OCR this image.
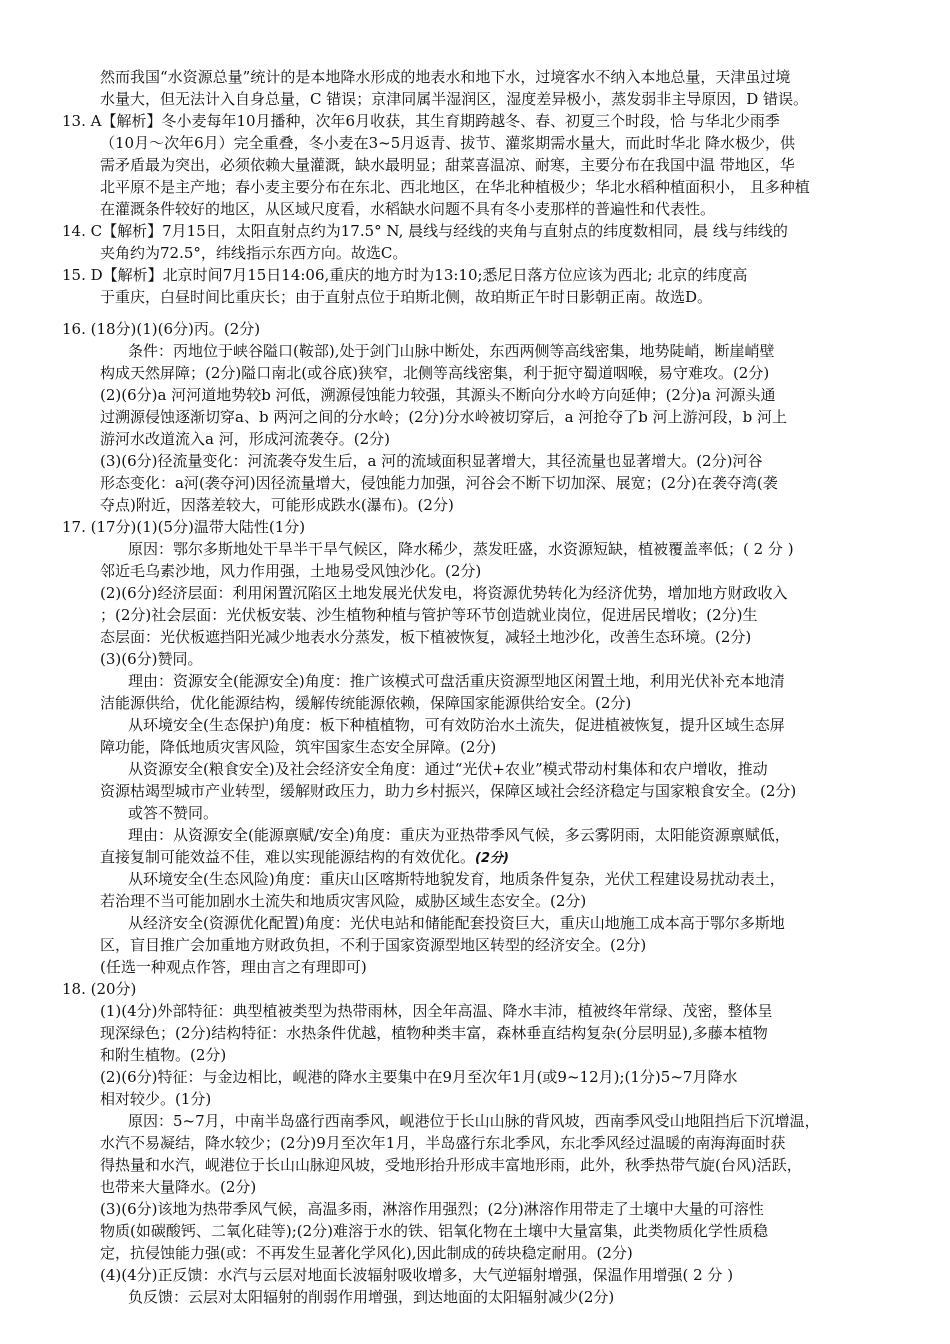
然而我国“水资源总量”统计的是本地降水形成的地表水和地下水，过境客水不纳入本地总量，天津虽过境
水量大，但无法计入自身总量，C 错误；京津同属半湿润区，湿度差异极小，蒸发弱非主导原因，D 错误。
13. A【解析】冬小麦每年10月播种，次年6月收获，其生育期跨越冬、春、初夏三个时段，恰 与华北少雨季
（10月～次年6月）完全重叠，冬小麦在3~5月返青、拔节、灌浆期需水量大，而此时华北 降水极少，供
需矛盾最为突出，必须依赖大量灌溉，缺水最明显；甜菜喜温凉、耐寒，主要分布在我国中温 带地区，华
北平原不是主产地；春小麦主要分布在东北、西北地区，在华北种植极少；华北水稻种植面积小， 且多种植
在灌溉条件较好的地区，从区域尺度看，水稻缺水问题不具有冬小麦那样的普遍性和代表性。
14. C【解析】7月15日，太阳直射点约为17.5° N, 晨线与经线的夹角与直射点的纬度数相同，晨 线与纬线的
夹角约为72.5°，纬线指示东西方向。故选C。
15. D【解析】北京时间7月15日14:06,重庆的地方时为13:10;悉尼日落方位应该为西北; 北京的纬度高
于重庆，白昼时间比重庆长；由于直射点位于珀斯北侧，故珀斯正午时日影朝正南。故选D。
16. (18分)(1)(6分)丙。(2分)
条件：丙地位于峡谷隘口(鞍部),处于剑门山脉中断处，东西两侧等高线密集，地势陡峭，断崖峭壁
构成天然屏障；(2分)隘口南北(或谷底)狭窄，北侧等高线密集，利于扼守蜀道咽喉，易守难攻。(2分)
(2)(6分)a 河河道地势较b 河低，溯源侵蚀能力较强，其源头不断向分水岭方向延伸；(2分)a 河源头通
过溯源侵蚀逐渐切穿a、b 两河之间的分水岭；(2分)分水岭被切穿后，a 河抢夺了b 河上游河段，b 河上
游河水改道流入a 河，形成河流袭夺。(2分)
(3)(6分)径流量变化：河流袭夺发生后，a 河的流域面积显著增大，其径流量也显著增大。(2分)河谷
形态变化：a河(袭夺河)因径流量增大，侵蚀能力加强，河谷会不断下切加深、展宽；(2分)在袭夺湾(袭
夺点)附近，因落差较大，可能形成跌水(瀑布)。(2分)
17. (17分)(1)(5分)温带大陆性(1分)
原因：鄂尔多斯地处干旱半干旱气候区，降水稀少，蒸发旺盛，水资源短缺，植被覆盖率低；( 2 分 )
邻近毛乌素沙地，风力作用强，土地易受风蚀沙化。(2分)
(2)(6分)经济层面：利用闲置沉陷区土地发展光伏发电，将资源优势转化为经济优势，增加地方财政收入
；(2分)社会层面：光伏板安装、沙生植物种植与管护等环节创造就业岗位，促进居民增收；(2分)生
态层面：光伏板遮挡阳光减少地表水分蒸发，板下植被恢复，减轻土地沙化，改善生态环境。(2分)
(3)(6分)赞同。
理由：资源安全(能源安全)角度：推广该模式可盘活重庆资源型地区闲置土地，利用光伏补充本地清
洁能源供给，优化能源结构，缓解传统能源依赖，保障国家能源供给安全。(2分)
从环境安全(生态保护)角度：板下种植植物，可有效防治水土流失，促进植被恢复，提升区域生态屏
障功能，降低地质灾害风险，筑牢国家生态安全屏障。(2分)
从资源安全(粮食安全)及社会经济安全角度：通过“光伏+农业”模式带动村集体和农户增收，推动
资源枯竭型城市产业转型，缓解财政压力，助力乡村振兴，保障区域社会经济稳定与国家粮食安全。(2分)
或答不赞同。
理由：从资源安全(能源禀赋/安全)角度：重庆为亚热带季风气候，多云雾阴雨，太阳能资源禀赋低，
直接复制可能效益不佳，难以实现能源结构的有效优化。(2分)
从环境安全(生态风险)角度：重庆山区喀斯特地貌发育，地质条件复杂，光伏工程建设易扰动表土，
若治理不当可能加剧水土流失和地质灾害风险，威胁区域生态安全。(2分)
从经济安全(资源优化配置)角度：光伏电站和储能配套投资巨大，重庆山地施工成本高于鄂尔多斯地
区，盲目推广会加重地方财政负担，不利于国家资源型地区转型的经济安全。(2分)
(任选一种观点作答，理由言之有理即可)
18. (20分)
(1)(4分)外部特征：典型植被类型为热带雨林，因全年高温、降水丰沛，植被终年常绿、茂密，整体呈
现深绿色；(2分)结构特征：水热条件优越，植物种类丰富，森林垂直结构复杂(分层明显),多藤本植物
和附生植物。(2分)
(2)(6分)特征：与金边相比，岘港的降水主要集中在9月至次年1月(或9~12月);(1分)5~7月降水
相对较少。(1分)
原因：5~7月，中南半岛盛行西南季风，岘港位于长山山脉的背风坡，西南季风受山地阻挡后下沉增温，
水汽不易凝结，降水较少；(2分)9月至次年1月，半岛盛行东北季风，东北季风经过温暖的南海海面时获
得热量和水汽，岘港位于长山山脉迎风坡，受地形抬升形成丰富地形雨，此外，秋季热带气旋(台风)活跃，
也带来大量降水。(2分)
(3)(6分)该地为热带季风气候，高温多雨，淋溶作用强烈；(2分)淋溶作用带走了土壤中大量的可溶性
物质(如碳酸钙、二氧化硅等);(2分)难溶于水的铁、铝氧化物在土壤中大量富集，此类物质化学性质稳
定，抗侵蚀能力强(或：不再发生显著化学风化),因此制成的砖块稳定耐用。(2分)
(4)(4分)正反馈：水汽与云层对地面长波辐射吸收增多，大气逆辐射增强，保温作用增强( 2 分 )
负反馈：云层对太阳辐射的削弱作用增强，到达地面的太阳辐射减少(2分)
